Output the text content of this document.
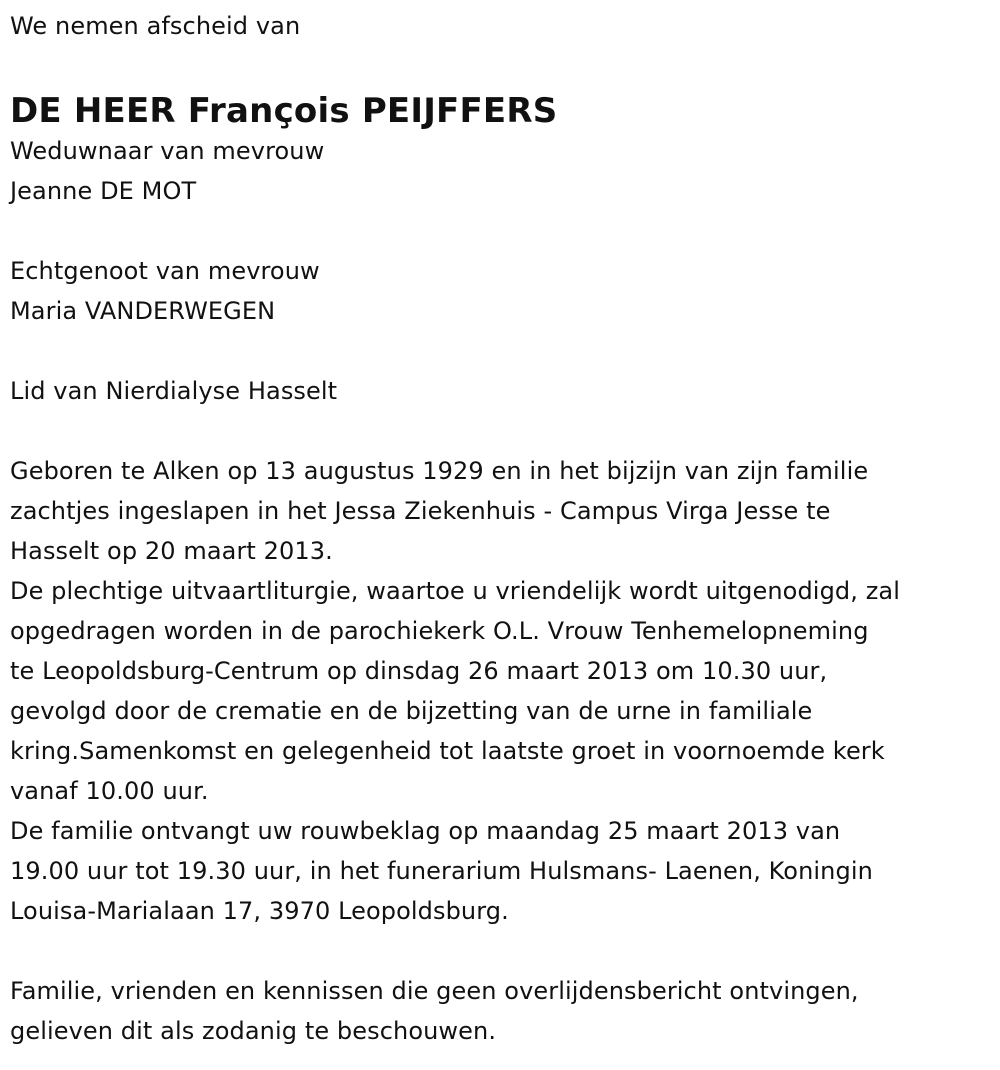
We nemen afscheid van

DE HEER François PEIJFFERS

Weduwnaar van mevrouw

Jeanne DE MOT

Echtgenoot van mevrouw

Maria VANDERWEGEN

Lid van Nierdialyse Hasselt

Geboren te Alken op 13 augustus 1929 en in het bijzijn van zijn familie

zachtjes ingeslapen in het Jessa Ziekenhuis - Campus Virga Jesse te

Hasselt op 20 maart 2013.

De plechtige uitvaartliturgie, waartoe u vriendelijk wordt uitgenodigd, zal

opgedragen worden in de parochiekerk O.L. Vrouw Tenhemelopneming

te Leopoldsburg-Centrum op dinsdag 26 maart 2013 om 10.30 uur,

gevolgd door de crematie en de bijzetting van de urne in familiale

kring.Samenkomst en gelegenheid tot laatste groet in voornoemde kerk

vanaf 10.00 uur.

De familie ontvangt uw rouwbeklag op maandag 25 maart 2013 van

19.00 uur tot 19.30 uur, in het funerarium Hulsmans- Laenen, Koningin

Louisa-Marialaan 17, 3970 Leopoldsburg.

Familie, vrienden en kennissen die geen overlijdensbericht ontvingen,

gelieven dit als zodanig te beschouwen.
